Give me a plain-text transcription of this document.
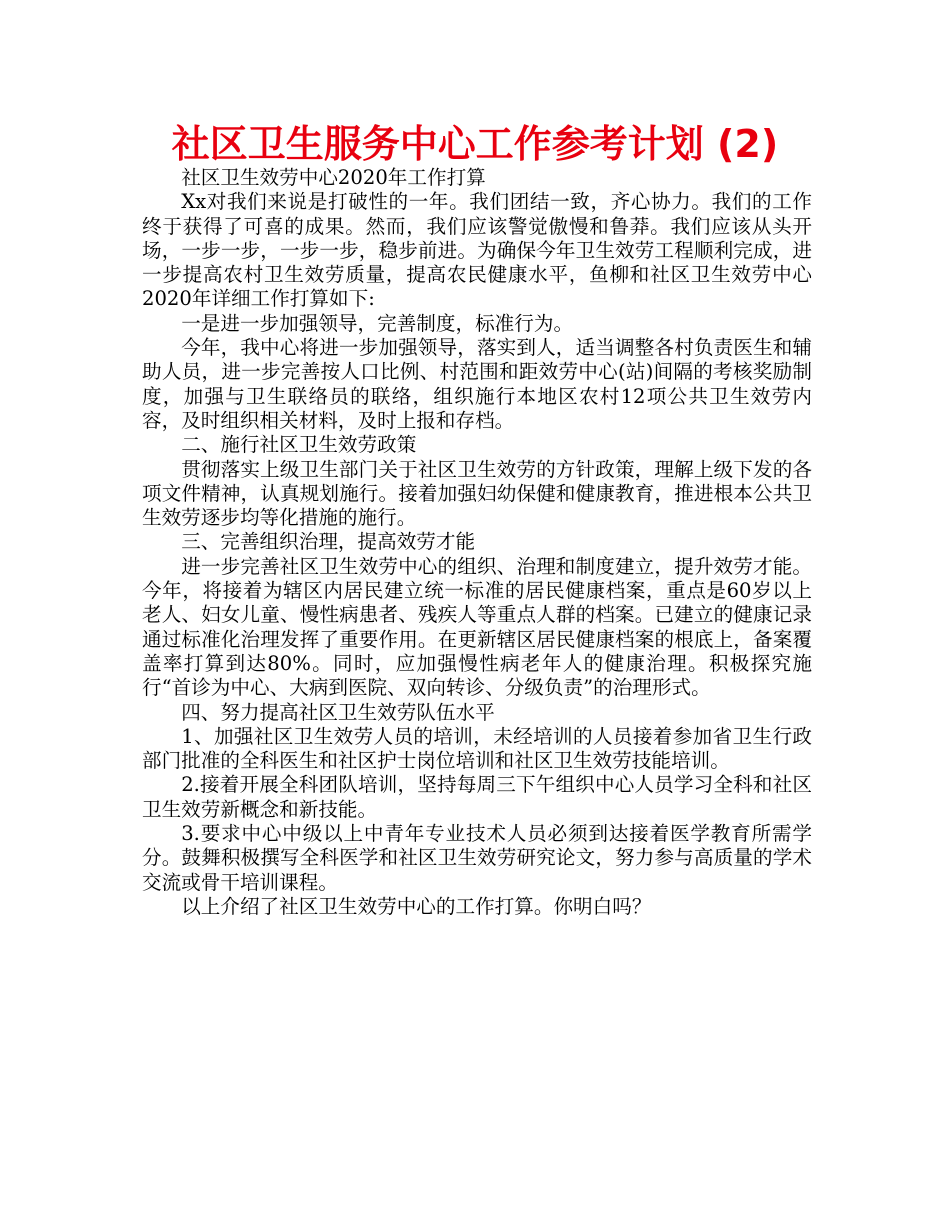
社区卫生服务中心工作参考计划 (2)

社区卫生效劳中心2020年工作打算

Xx对我们来说是打破性的一年。我们团结一致，齐心协力。我们的工作终于获得了可喜的成果。然而，我们应该警觉傲慢和鲁莽。我们应该从头开场，一步一步，一步一步，稳步前进。为确保今年卫生效劳工程顺利完成，进一步提高农村卫生效劳质量，提高农民健康水平，鱼柳和社区卫生效劳中心2020年详细工作打算如下:

一是进一步加强领导，完善制度，标准行为。

今年，我中心将进一步加强领导，落实到人，适当调整各村负责医生和辅助人员，进一步完善按人口比例、村范围和距效劳中心(站)间隔的考核奖励制度，加强与卫生联络员的联络，组织施行本地区农村12项公共卫生效劳内容，及时组织相关材料，及时上报和存档。

二、施行社区卫生效劳政策

贯彻落实上级卫生部门关于社区卫生效劳的方针政策，理解上级下发的各项文件精神，认真规划施行。接着加强妇幼保健和健康教育，推进根本公共卫生效劳逐步均等化措施的施行。

三、完善组织治理，提高效劳才能

进一步完善社区卫生效劳中心的组织、治理和制度建立，提升效劳才能。今年，将接着为辖区内居民建立统一标准的居民健康档案，重点是60岁以上老人、妇女儿童、慢性病患者、残疾人等重点人群的档案。已建立的健康记录通过标准化治理发挥了重要作用。在更新辖区居民健康档案的根底上，备案覆盖率打算到达80%。同时，应加强慢性病老年人的健康治理。积极探究施行“首诊为中心、大病到医院、双向转诊、分级负责”的治理形式。

四、努力提高社区卫生效劳队伍水平

1、加强社区卫生效劳人员的培训，未经培训的人员接着参加省卫生行政部门批准的全科医生和社区护士岗位培训和社区卫生效劳技能培训。

2.接着开展全科团队培训，坚持每周三下午组织中心人员学习全科和社区卫生效劳新概念和新技能。

3.要求中心中级以上中青年专业技术人员必须到达接着医学教育所需学分。鼓舞积极撰写全科医学和社区卫生效劳研究论文，努力参与高质量的学术交流或骨干培训课程。

以上介绍了社区卫生效劳中心的工作打算。你明白吗？
